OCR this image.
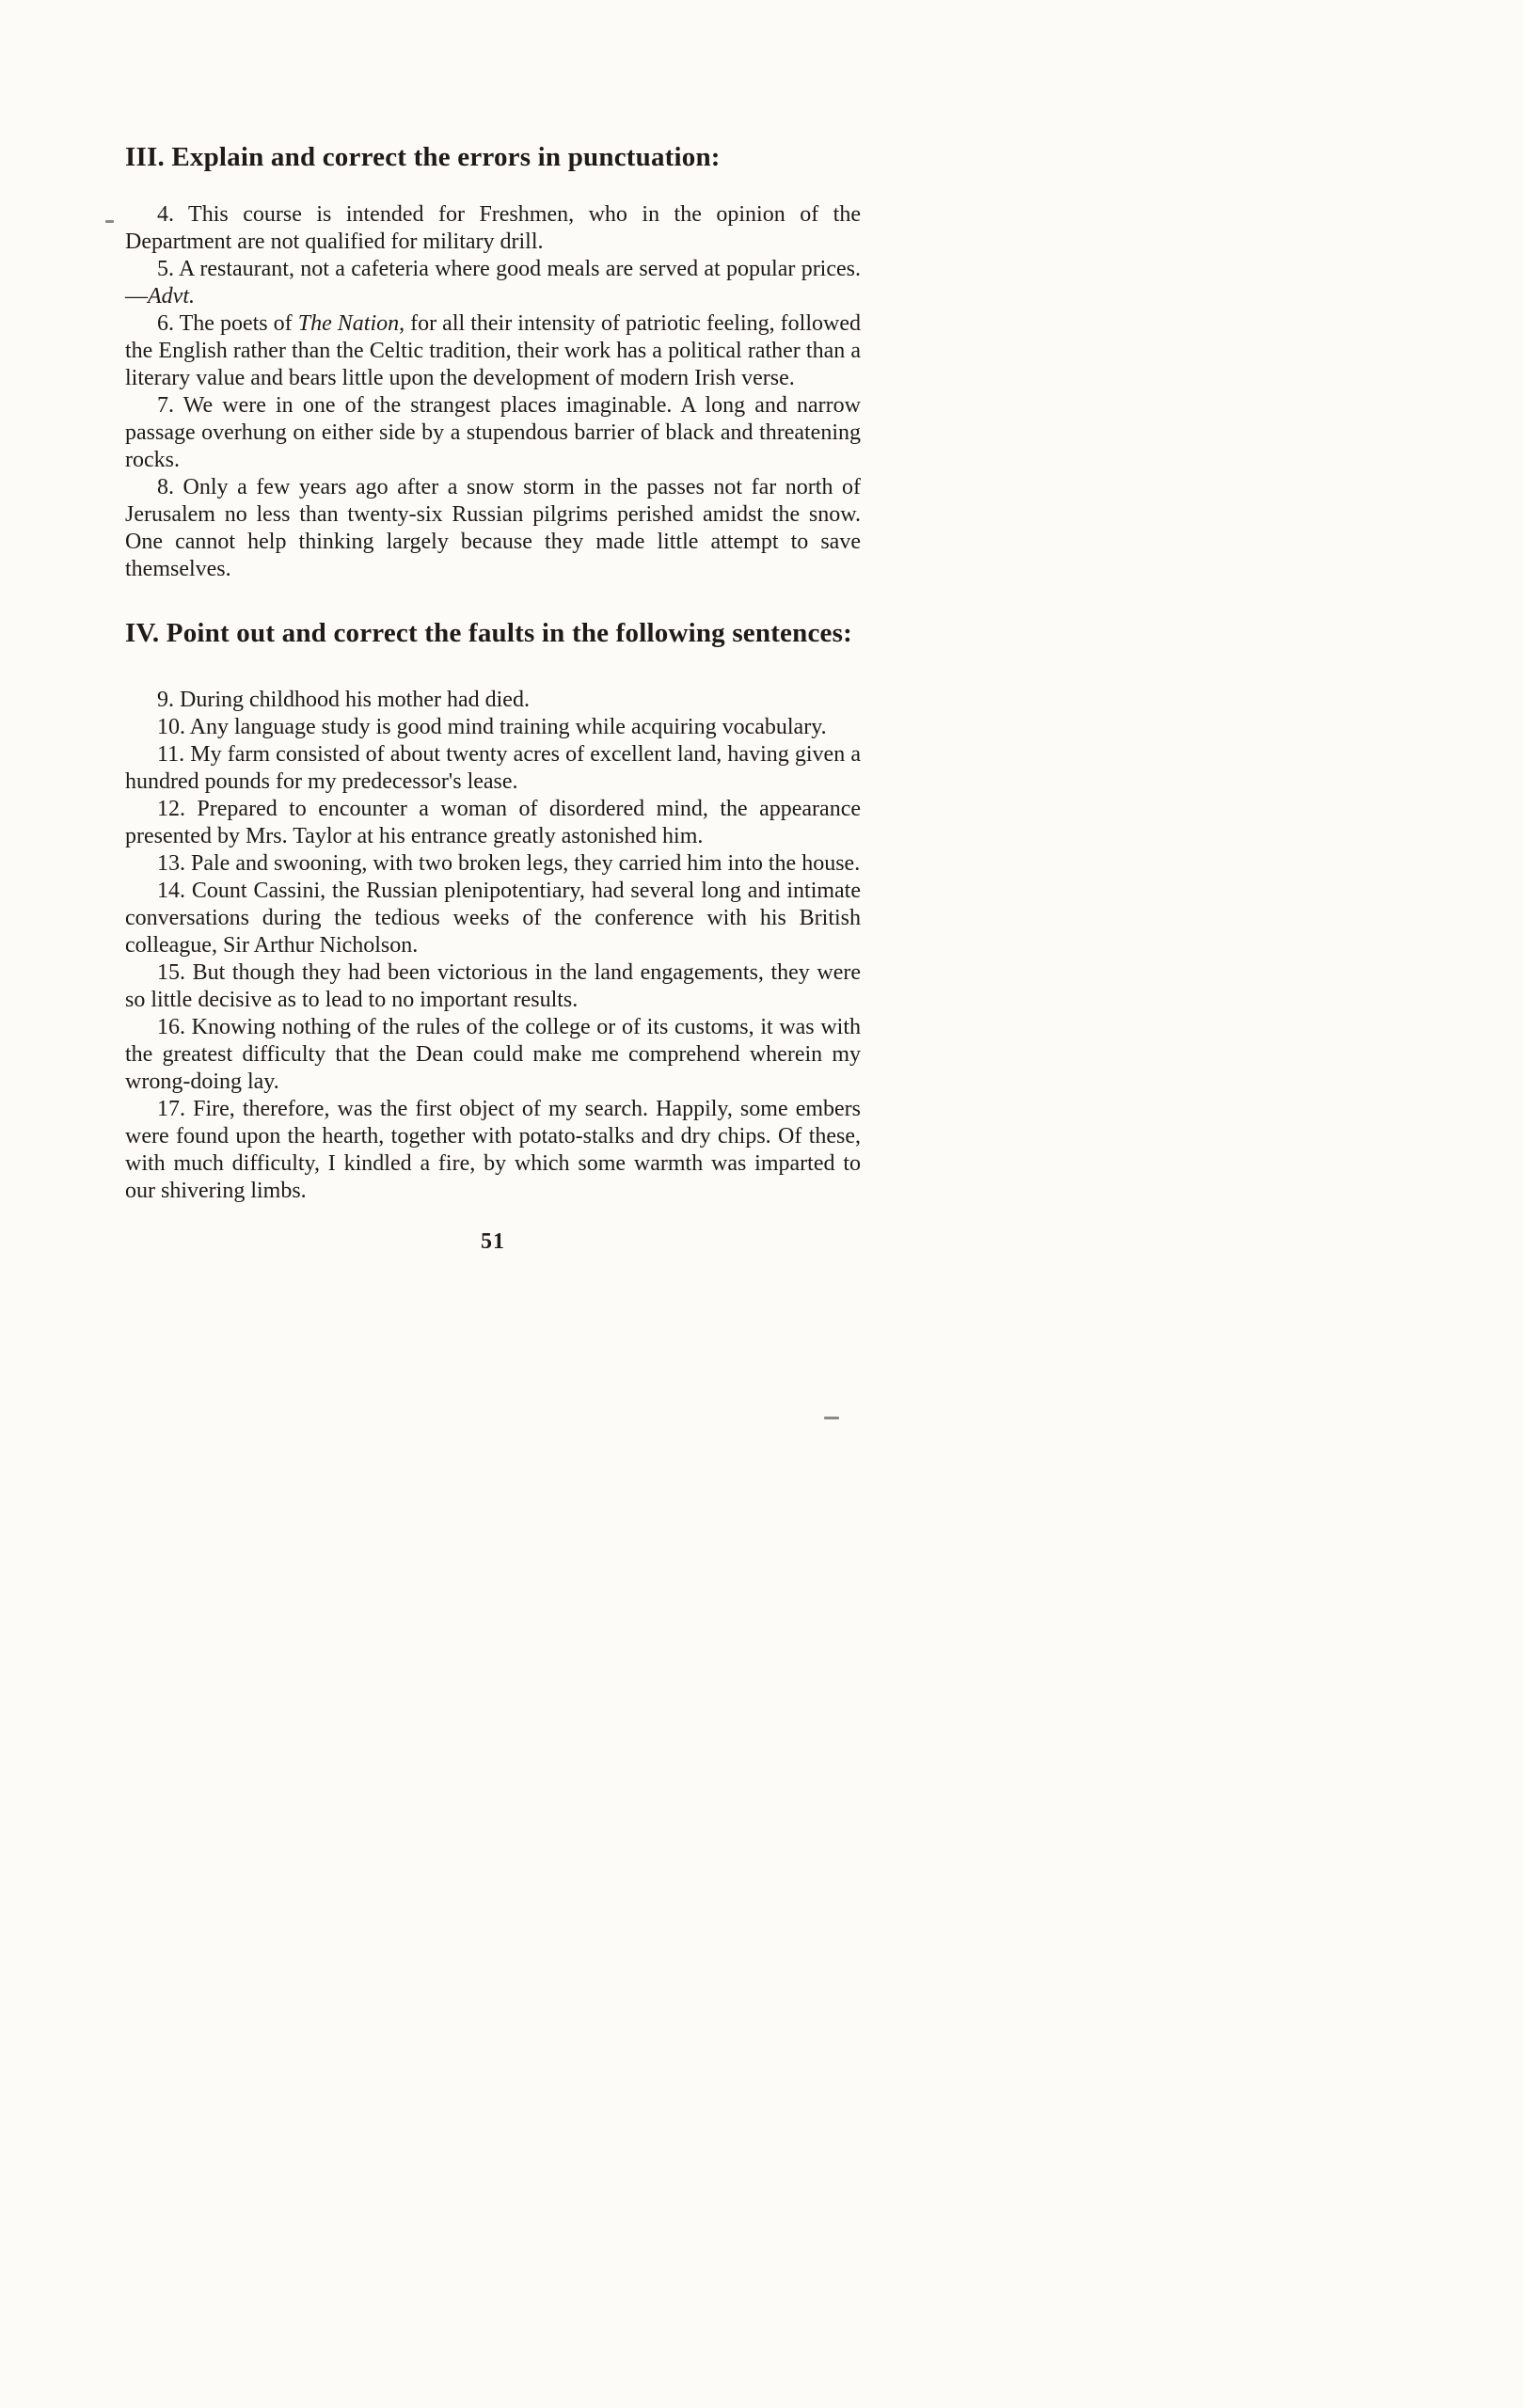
III. Explain and correct the errors in punctuation:

4. This course is intended for Freshmen, who in the opinion of the Department are not qualified for military drill.

5. A restaurant, not a cafeteria where good meals are served at popular prices.—Advt.

6. The poets of The Nation, for all their intensity of patriotic feeling, followed the English rather than the Celtic tradition, their work has a political rather than a literary value and bears little upon the development of modern Irish verse.

7. We were in one of the strangest places imaginable. A long and narrow passage overhung on either side by a stupendous barrier of black and threatening rocks.

8. Only a few years ago after a snow storm in the passes not far north of Jerusalem no less than twenty-six Russian pilgrims perished amidst the snow. One cannot help thinking largely because they made little attempt to save themselves.

IV. Point out and correct the faults in the following sentences:

9. During childhood his mother had died.

10. Any language study is good mind training while acquiring vocabulary.

11. My farm consisted of about twenty acres of excellent land, having given a hundred pounds for my predecessor's lease.

12. Prepared to encounter a woman of disordered mind, the appearance presented by Mrs. Taylor at his entrance greatly astonished him.

13. Pale and swooning, with two broken legs, they carried him into the house.

14. Count Cassini, the Russian plenipotentiary, had several long and intimate conversations during the tedious weeks of the conference with his British colleague, Sir Arthur Nicholson.

15. But though they had been victorious in the land engagements, they were so little decisive as to lead to no important results.

16. Knowing nothing of the rules of the college or of its customs, it was with the greatest difficulty that the Dean could make me comprehend wherein my wrong-doing lay.

17. Fire, therefore, was the first object of my search. Happily, some embers were found upon the hearth, together with potato-stalks and dry chips. Of these, with much difficulty, I kindled a fire, by which some warmth was imparted to our shivering limbs.

51
